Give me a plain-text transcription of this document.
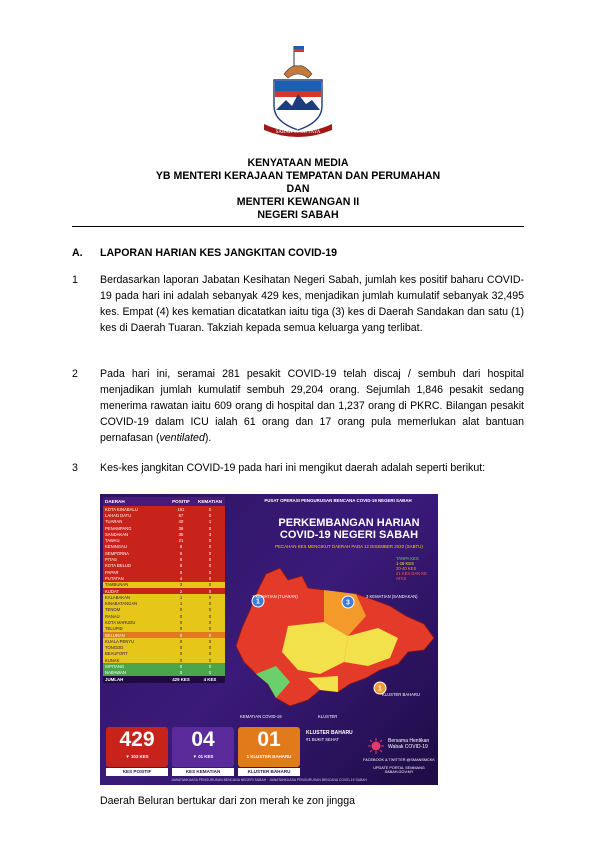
SABAH MAJU JAYA
KENYATAAN MEDIA
YB MENTERI KERAJAAN TEMPATAN DAN PERUMAHAN
DAN
MENTERI KEWANGAN II
NEGERI SABAH
A. LAPORAN HARIAN KES JANGKITAN COVID-19
1	Berdasarkan laporan Jabatan Kesihatan Negeri Sabah, jumlah kes positif baharu COVID-19 pada hari ini adalah sebanyak 429 kes, menjadikan jumlah kumulatif sebanyak 32,495 kes. Empat (4) kes kematian dicatatkan iaitu tiga (3) kes di Daerah Sandakan dan satu (1) kes di Daerah Tuaran. Takziah kepada semua keluarga yang terlibat.
2	Pada hari ini, seramai 281 pesakit COVID-19 telah discaj / sembuh dari hospital menjadikan jumlah kumulatif sembuh 29,204 orang. Sejumlah 1,846 pesakit sedang menerima rawatan iaitu 609 orang di hospital dan 1,237 orang di PKRC. Bilangan pesakit COVID-19 dalam ICU ialah 61 orang dan 17 orang pula memerlukan alat bantuan pernafasan (ventilated).
3	Kes-kes jangkitan COVID-19 pada hari ini mengikut daerah adalah seperti berikut:
DAERAH	POSITIF	KEMATIAN
KOTA KINABALU	161	0
LAHAD DATU	67	0
TUARAN	40	1
PENAMPANG	36	0
SANDAKAN	35	3
TAWAU	21	0
KENINGAU	6	0
SEMPORNA	6	0
PITAS	6	0
KOTA BELUD	6	0
PAPAR	5	0
PUTATAN	4	0
TAMBUNAN	3	0
KUDAT	2	0
KALABAKAN	1	0
KINABATANGAN	1	0
TENOM	0	0
RANAU	0	0
KOTA MARUDU	0	0
TELUPID	0	0
BELURAN	0	0
KUALA PENYU	0	0
TONGOD	0	0
BEAUFORT	0	0
KUNAK	0	0
SIPITANG	0	0
NABAWAN	0	0
JUMLAH	429 KES	4 KES
PUSAT OPERASI PENGURUSAN BENCANA COVID-19 NEGERI SABAH
PERKEMBANGAN HARIAN
COVID-19 NEGERI SABAH
PECAHAN KES MENGIKUT DAERAH PADA 12 DISEMBER 2020 (SABTU)
TANPA KES
1-19 KES
20-40 KES
41 KES DAN KE ATAS
1	3
1
1 KEMATIAN (TUARAN)	3 KEMATIAN (SANDAKAN)
KLUSTER BAHARU
KEMATIAN COVID-19	KLUSTER
429
▼ 103 KES
KES POSITIF
04
▼ 01 KES
KES KEMATIAN
01
1 KLUSTER BAHARU
KLUSTER BAHARU
KLUSTER BAHARU
#1 BUKIT SEHAT	Bersama Hentikan Wabak COVID-19
FACEBOOK & TWITTER @SMANSMCKK
UPDATE PORTAL SEMMANG SABAH.GOV.MY
JAWATANKUASA PENGURUSAN BENCANA NEGERI SABAH · JAWATANKUASA PENGURUSAN BENCANA COVID-19 SABAH
Daerah Beluran bertukar dari zon merah ke zon jingga
